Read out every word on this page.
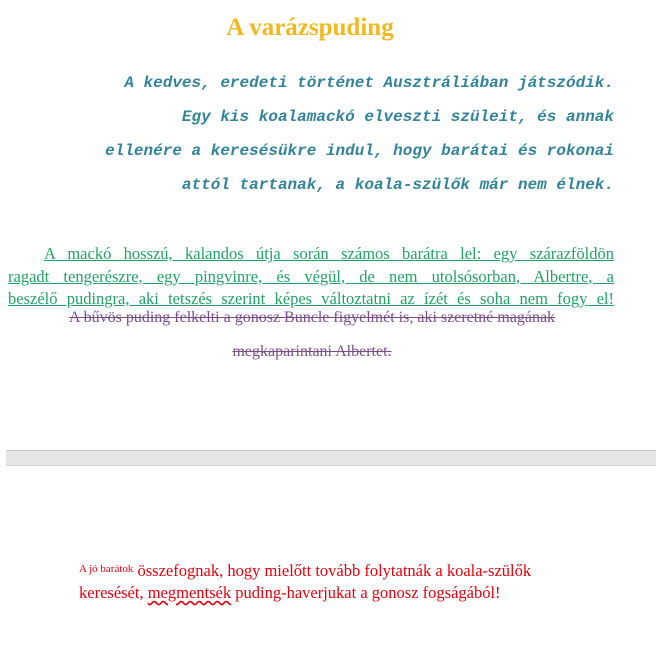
A varázspuding

A kedves, eredeti történet Ausztráliában játszódik.
Egy kis koalamackó elveszti szüleit, és annak
ellenére a keresésükre indul, hogy barátai és rokonai
attól tartanak, a koala-szülők már nem élnek.

A mackó hosszú, kalandos útja során számos barátra lel: egy szárazföldön
ragadt tengerészre, egy pingvinre, és végül, de nem utolsósorban, Albertre, a
beszélő pudingra, aki tetszés szerint képes változtatni az ízét és soha nem fogy el!

A bűvös puding felkelti a gonosz Buncle figyelmét is, aki szeretné magának
megkaparintani Albertet.

$^{A jó barátok}$ összefognak, hogy mielőtt tovább folytatnák a koala-szülők
keresését, megmentsék puding-haverjukat a gonosz fogságából!
